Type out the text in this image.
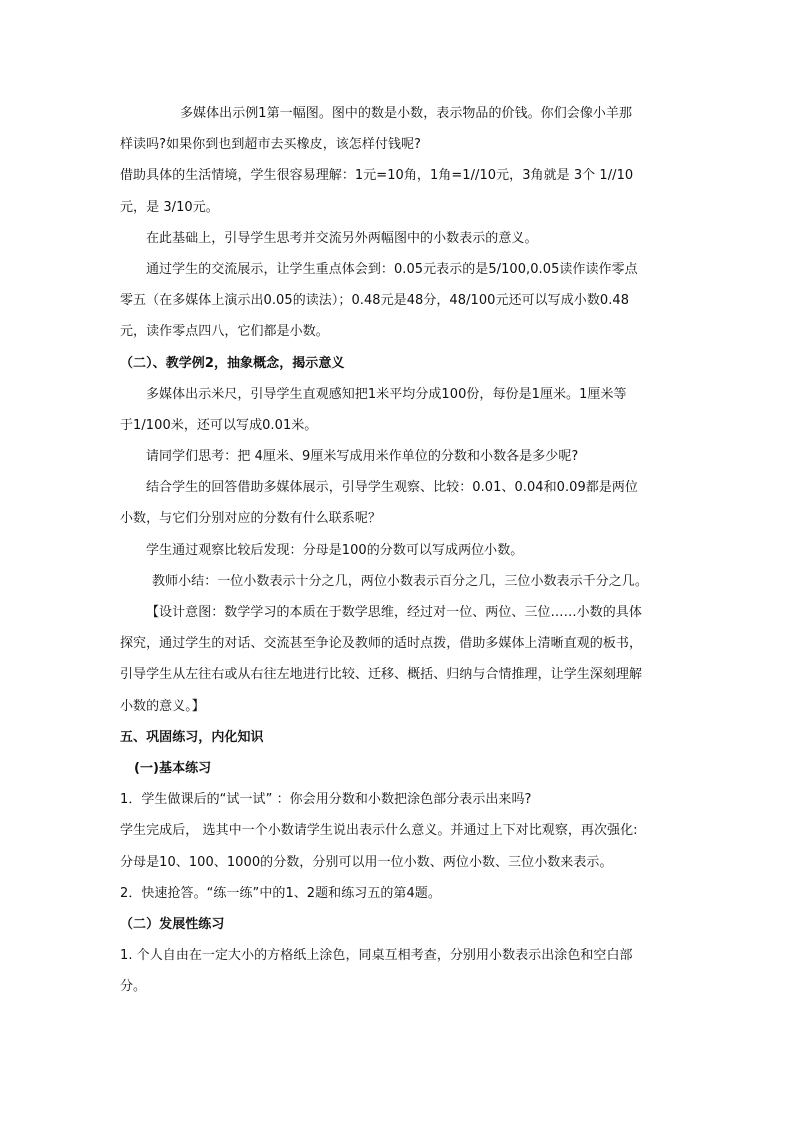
多媒体出示例1第一幅图。图中的数是小数，表示物品的价钱。你们会像小羊那
样读吗?如果你到也到超市去买橡皮，该怎样付钱呢?
借助具体的生活情境，学生很容易理解：1元=10角，1角=1//10元，3角就是 3个 1//10
元，是 3/10元。
在此基础上，引导学生思考并交流另外两幅图中的小数表示的意义。
通过学生的交流展示，让学生重点体会到：0.05元表示的是5/100,0.05读作读作零点
零五（在多媒体上演示出0.05的读法）；0.48元是48分，48/100元还可以写成小数0.48
元，读作零点四八，它们都是小数。
（二）、教学例2，抽象概念，揭示意义
多媒体出示米尺，引导学生直观感知把1米平均分成100份，每份是1厘米。1厘米等
于1/100米，还可以写成0.01米。
请同学们思考：把 4厘米、9厘米写成用米作单位的分数和小数各是多少呢?
结合学生的回答借助多媒体展示，引导学生观察、比较：0.01、0.04和0.09都是两位
小数，与它们分别对应的分数有什么联系呢？
学生通过观察比较后发现：分母是100的分数可以写成两位小数。
教师小结：一位小数表示十分之几，两位小数表示百分之几，三位小数表示千分之几。
【设计意图：数学学习的本质在于数学思维，经过对一位、两位、三位……小数的具体
探究，通过学生的对话、交流甚至争论及教师的适时点拨，借助多媒体上清晰直观的板书，
引导学生从左往右或从右往左地进行比较、迁移、概括、归纳与合情推理，让学生深刻理解
小数的意义。】
五、巩固练习，内化知识
(一)基本练习
1．学生做课后的“试一试” ：你会用分数和小数把涂色部分表示出来吗?
学生完成后， 选其中一个小数请学生说出表示什么意义。并通过上下对比观察，再次强化:
分母是10、100、1000的分数，分别可以用一位小数、两位小数、三位小数来表示。
2．快速抢答。“练一练”中的1、2题和练习五的第4题。
（二）发展性练习
1. 个人自由在一定大小的方格纸上涂色，同桌互相考查，分别用小数表示出涂色和空白部
分。
